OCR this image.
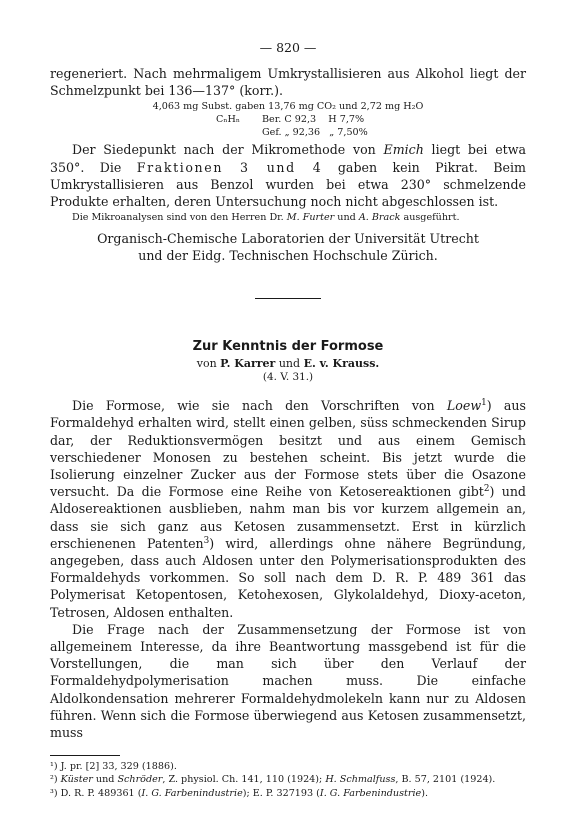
— 820 —

regeneriert. Nach mehrmaligem Umkrystallisieren aus Alkohol liegt der Schmelzpunkt bei 136—137° (korr.).

4,063 mg Subst. gaben 13,76 mg CO₂ und 2,72 mg H₂O
CₙHₙ	Ber. C 92,3    H 7,7%
Gef. „ 92,36   „ 7,50%

Der Siedepunkt nach der Mikromethode von Emich liegt bei etwa 350°. Die Fraktionen 3 und 4 gaben kein Pikrat. Beim Umkrystallisieren aus Benzol wurden bei etwa 230° schmelzende Produkte erhalten, deren Untersuchung noch nicht abgeschlossen ist.

Die Mikroanalysen sind von den Herren Dr. M. Furter und A. Brack ausgeführt.

Organisch-Chemische Laboratorien der Universität Utrecht
und der Eidg. Technischen Hochschule Zürich.
Zur Kenntnis der Formose
von P. Karrer und E. v. Krauss.
(4. V. 31.)

Die Formose, wie sie nach den Vorschriften von Loew$^1$) aus Formaldehyd erhalten wird, stellt einen gelben, süss schmeckenden Sirup dar, der Reduktionsvermögen besitzt und aus einem Gemisch verschiedener Monosen zu bestehen scheint. Bis jetzt wurde die Isolierung einzelner Zucker aus der Formose stets über die Osazone versucht. Da die Formose eine Reihe von Ketosereaktionen gibt$^2$) und Aldosereaktionen ausblieben, nahm man bis vor kurzem allgemein an, dass sie sich ganz aus Ketosen zusammensetzt. Erst in kürzlich erschienenen Patenten$^3$) wird, allerdings ohne nähere Begründung, angegeben, dass auch Aldosen unter den Polymerisationsprodukten des Formaldehyds vorkommen. So soll nach dem D. R. P. 489 361 das Polymerisat Ketopentosen, Ketohexosen, Glykolaldehyd, Dioxy-aceton, Tetrosen, Aldosen enthalten.

Die Frage nach der Zusammensetzung der Formose ist von allgemeinem Interesse, da ihre Beantwortung massgebend ist für die Vorstellungen, die man sich über den Verlauf der Formaldehydpolymerisation machen muss. Die einfache Aldolkondensation mehrerer Formaldehydmolekeln kann nur zu Aldosen führen. Wenn sich die Formose überwiegend aus Ketosen zusammensetzt, muss

¹) J. pr. [2] 33, 329 (1886).

²) Küster und Schröder, Z. physiol. Ch. 141, 110 (1924); H. Schmalfuss, B. 57, 2101 (1924).

³) D. R. P. 489361 (I. G. Farbenindustrie); E. P. 327193 (I. G. Farbenindustrie).
